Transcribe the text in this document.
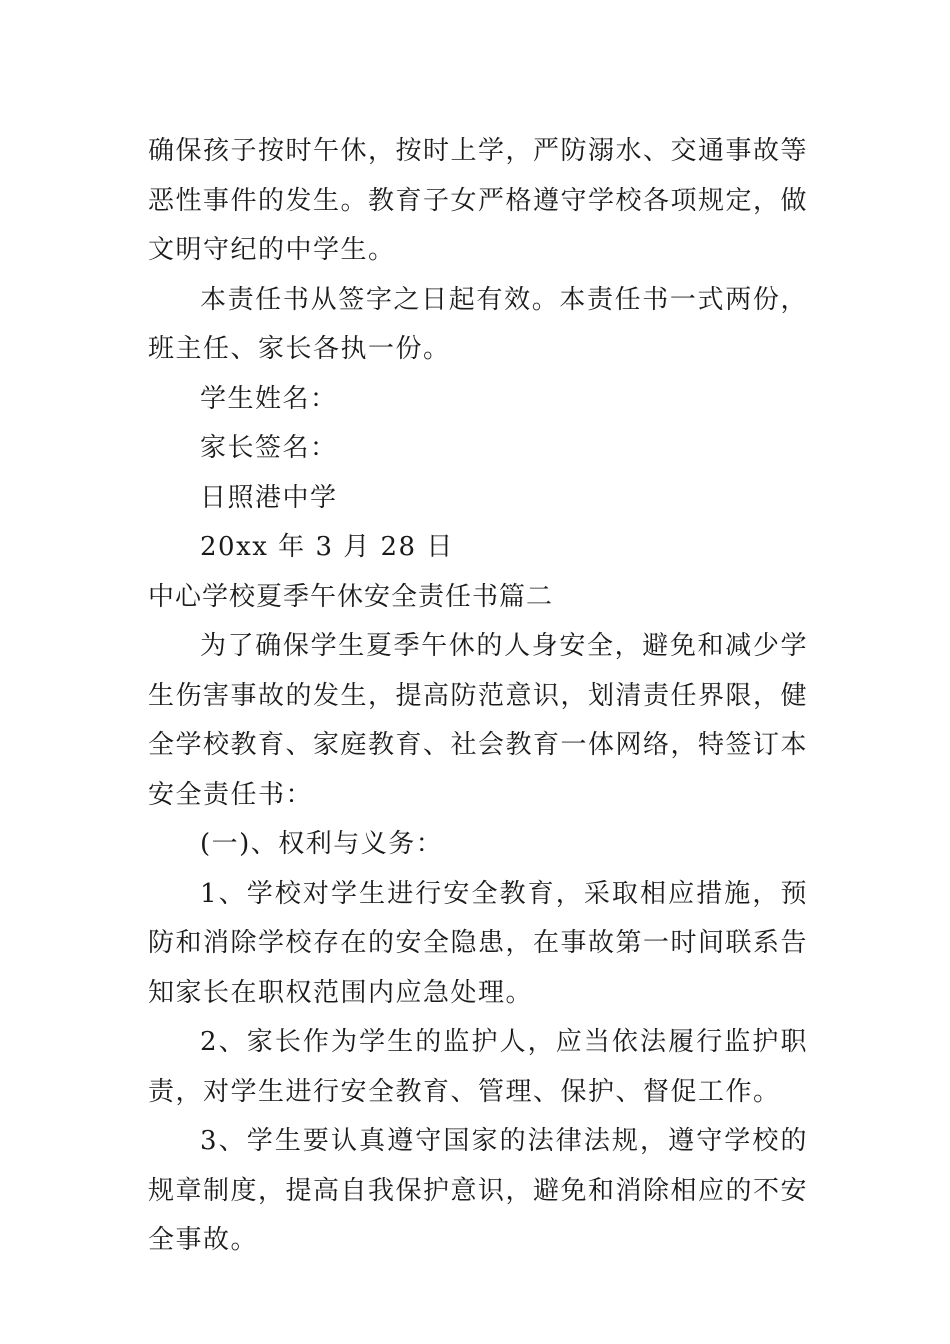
确保孩子按时午休，按时上学，严防溺水、交通事故等恶性事件的发生。教育子女严格遵守学校各项规定，做文明守纪的中学生。

本责任书从签字之日起有效。本责任书一式两份，班主任、家长各执一份。

学生姓名：

家长签名：

日照港中学

20xx 年 3 月 28 日

中心学校夏季午休安全责任书篇二

为了确保学生夏季午休的人身安全，避免和减少学生伤害事故的发生，提高防范意识，划清责任界限，健全学校教育、家庭教育、社会教育一体网络，特签订本安全责任书：

(一)、权利与义务：

1、学校对学生进行安全教育，采取相应措施，预防和消除学校存在的安全隐患，在事故第一时间联系告知家长在职权范围内应急处理。

2、家长作为学生的监护人，应当依法履行监护职责，对学生进行安全教育、管理、保护、督促工作。

3、学生要认真遵守国家的法律法规，遵守学校的规章制度，提高自我保护意识，避免和消除相应的不安全事故。
